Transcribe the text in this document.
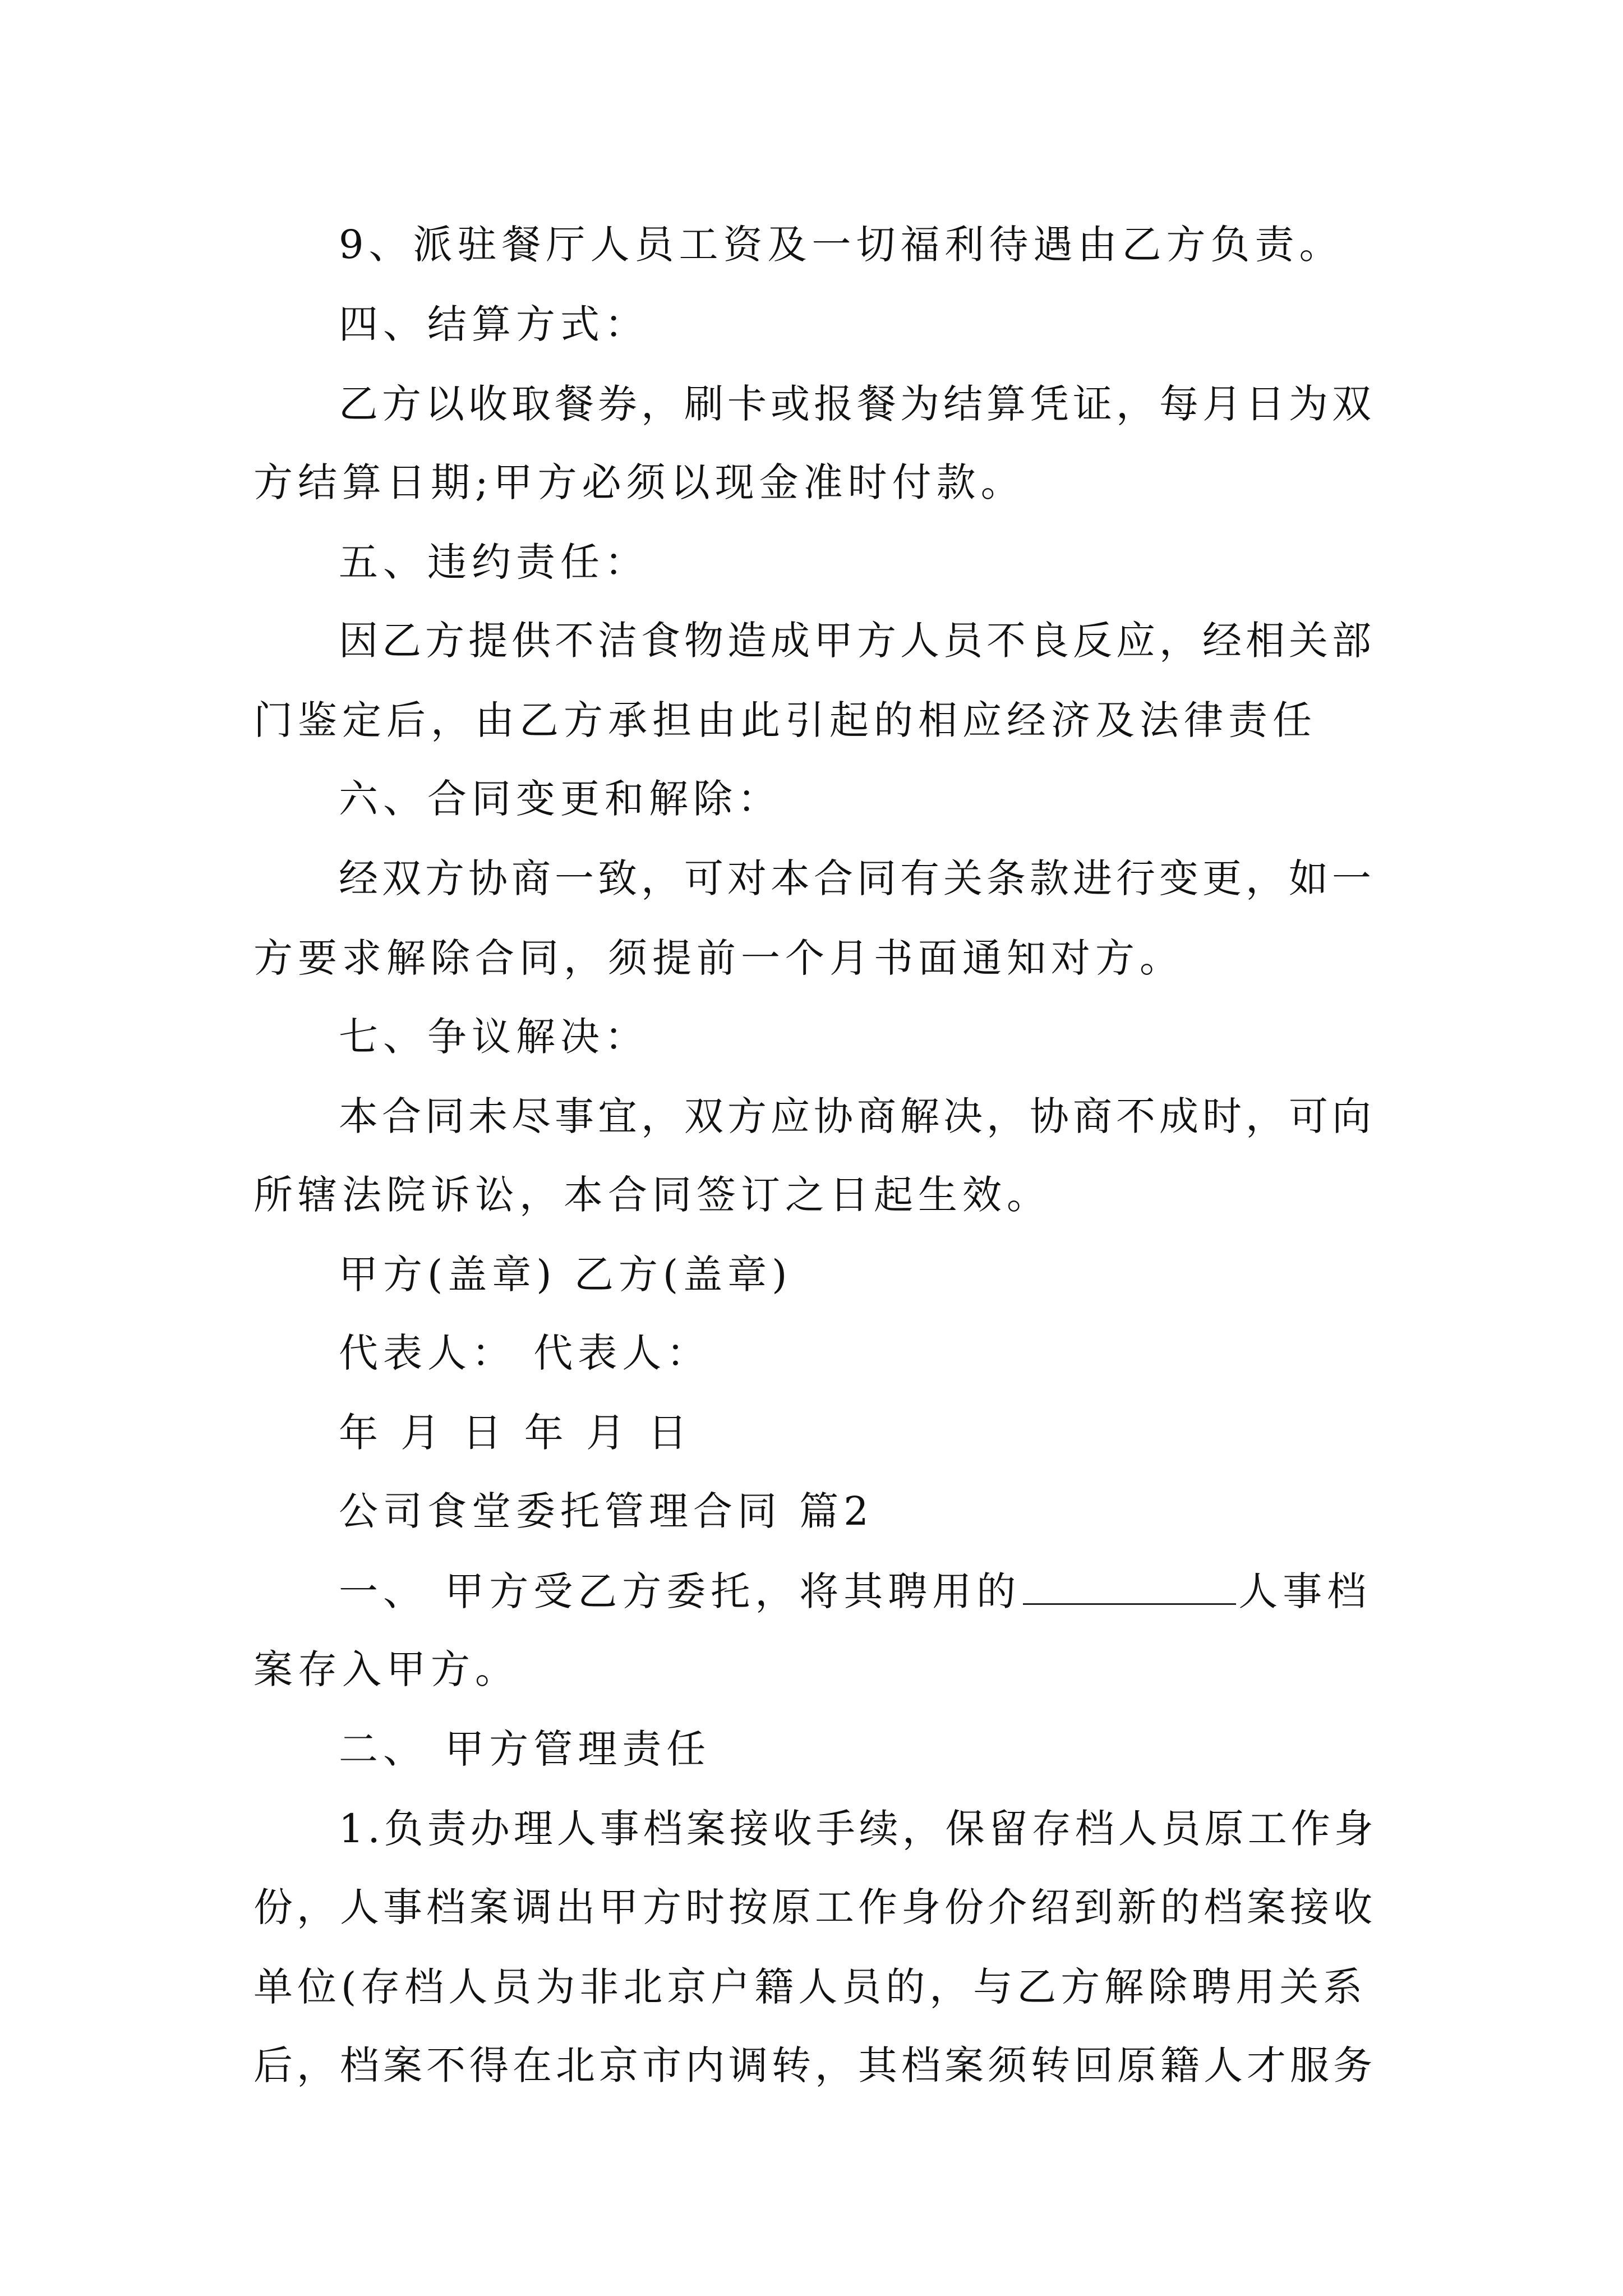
9、派驻餐厅人员工资及一切福利待遇由乙方负责。
四、结算方式：
乙方以收取餐券，刷卡或报餐为结算凭证，每月日为双
方结算日期;甲方必须以现金准时付款。
五、违约责任：
因乙方提供不洁食物造成甲方人员不良反应，经相关部
门鉴定后，由乙方承担由此引起的相应经济及法律责任
六、合同变更和解除：
经双方协商一致，可对本合同有关条款进行变更，如一
方要求解除合同，须提前一个月书面通知对方。
七、争议解决：
本合同未尽事宜，双方应协商解决，协商不成时，可向
所辖法院诉讼，本合同签订之日起生效。
甲方(盖章) 乙方(盖章)
代表人： 代表人：
年 月 日 年 月 日
公司食堂委托管理合同 篇2
一、 甲方受乙方委托，将其聘用的	人事档
案存入甲方。
二、 甲方管理责任
1.负责办理人事档案接收手续，保留存档人员原工作身
份，人事档案调出甲方时按原工作身份介绍到新的档案接收
单位(存档人员为非北京户籍人员的，与乙方解除聘用关系
后，档案不得在北京市内调转，其档案须转回原籍人才服务
